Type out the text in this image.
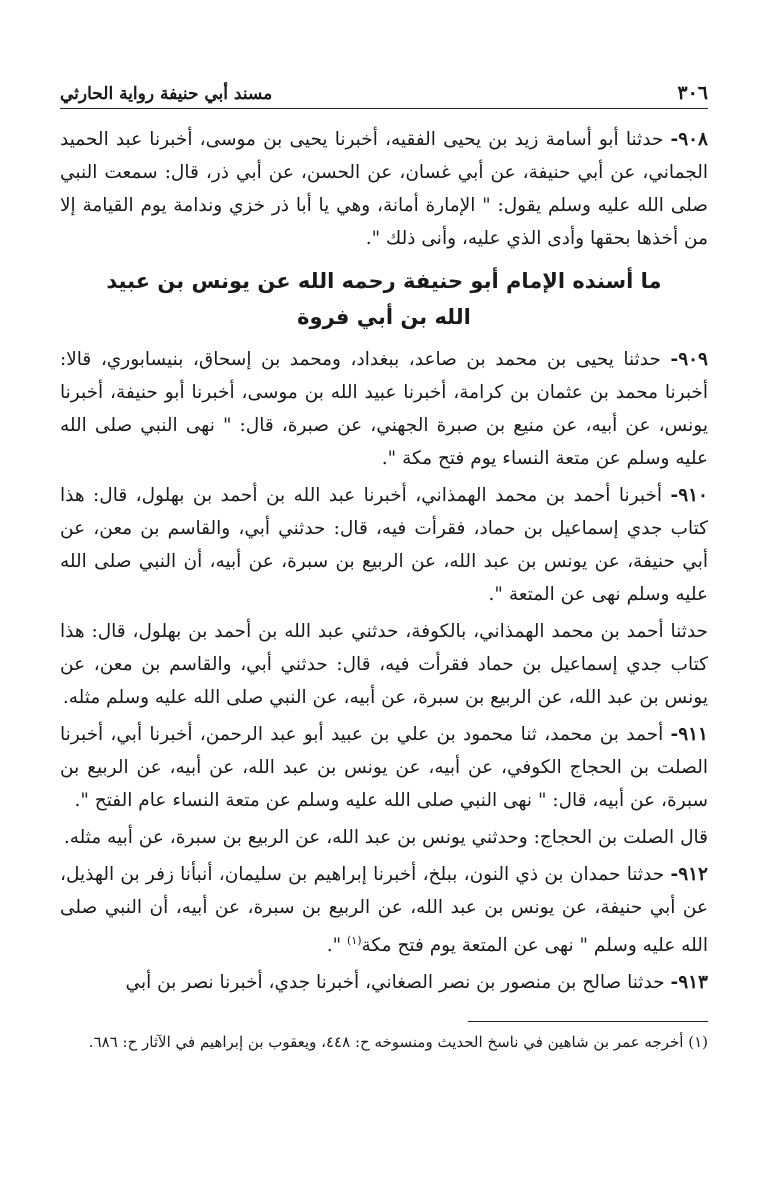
٣٠٦
مسند أبي حنيفة رواية الحارثي

٩٠٨- حدثنا أبو أسامة زيد بن يحيى الفقيه، أخبرنا يحيى بن موسى، أخبرنا عبد الحميد الجماني، عن أبي حنيفة، عن أبي غسان، عن الحسن، عن أبي ذر، قال: سمعت النبي صلى الله عليه وسلم يقول: " الإمارة أمانة، وهي يا أبا ذر خزي وندامة يوم القيامة إلا من أخذها بحقها وأدى الذي عليه، وأنى ذلك ".

ما أسنده الإمام أبو حنيفة رحمه الله عن يونس بن عبيد
الله بن أبي فروة

٩٠٩- حدثنا يحيى بن محمد بن صاعد، ببغداد، ومحمد بن إسحاق، بنيسابوري، قالا: أخبرنا محمد بن عثمان بن كرامة، أخبرنا عبيد الله بن موسى، أخبرنا أبو حنيفة، أخبرنا يونس، عن أبيه، عن منيع بن صبرة الجهني، عن صبرة، قال: " نهى النبي صلى الله عليه وسلم عن متعة النساء يوم فتح مكة ".

٩١٠- أخبرنا أحمد بن محمد الهمذاني، أخبرنا عبد الله بن أحمد بن بهلول، قال: هذا كتاب جدي إسماعيل بن حماد، فقرأت فيه، قال: حدثني أبي، والقاسم بن معن، عن أبي حنيفة، عن يونس بن عبد الله، عن الربيع بن سبرة، عن أبيه، أن النبي صلى الله عليه وسلم نهى عن المتعة ".

حدثنا أحمد بن محمد الهمذاني، بالكوفة، حدثني عبد الله بن أحمد بن بهلول، قال: هذا كتاب جدي إسماعيل بن حماد فقرأت فيه، قال: حدثني أبي، والقاسم بن معن، عن يونس بن عبد الله، عن الربيع بن سبرة، عن أبيه، عن النبي صلى الله عليه وسلم مثله.

٩١١- أحمد بن محمد، ثنا محمود بن علي بن عبيد أبو عبد الرحمن، أخبرنا أبي، أخبرنا الصلت بن الحجاج الكوفي، عن أبيه، عن يونس بن عبد الله، عن أبيه، عن الربيع بن سبرة، عن أبيه، قال: " نهى النبي صلى الله عليه وسلم عن متعة النساء عام الفتح ".

قال الصلت بن الحجاج: وحدثني يونس بن عبد الله، عن الربيع بن سبرة، عن أبيه مثله.

٩١٢- حدثنا حمدان بن ذي النون، ببلخ، أخبرنا إبراهيم بن سليمان، أنبأنا زفر بن الهذيل، عن أبي حنيفة، عن يونس بن عبد الله، عن الربيع بن سبرة، عن أبيه، أن النبي صلى الله عليه وسلم " نهى عن المتعة يوم فتح مكة$^{(١)}$ ".

٩١٣- حدثنا صالح بن منصور بن نصر الصغاني، أخبرنا جدي، أخبرنا نصر بن أبي

(١) أخرجه عمر بن شاهين في ناسخ الحديث ومنسوخه ح: ٤٤٨، ويعقوب بن إبراهيم في الآثار ح: ٦٨٦.
